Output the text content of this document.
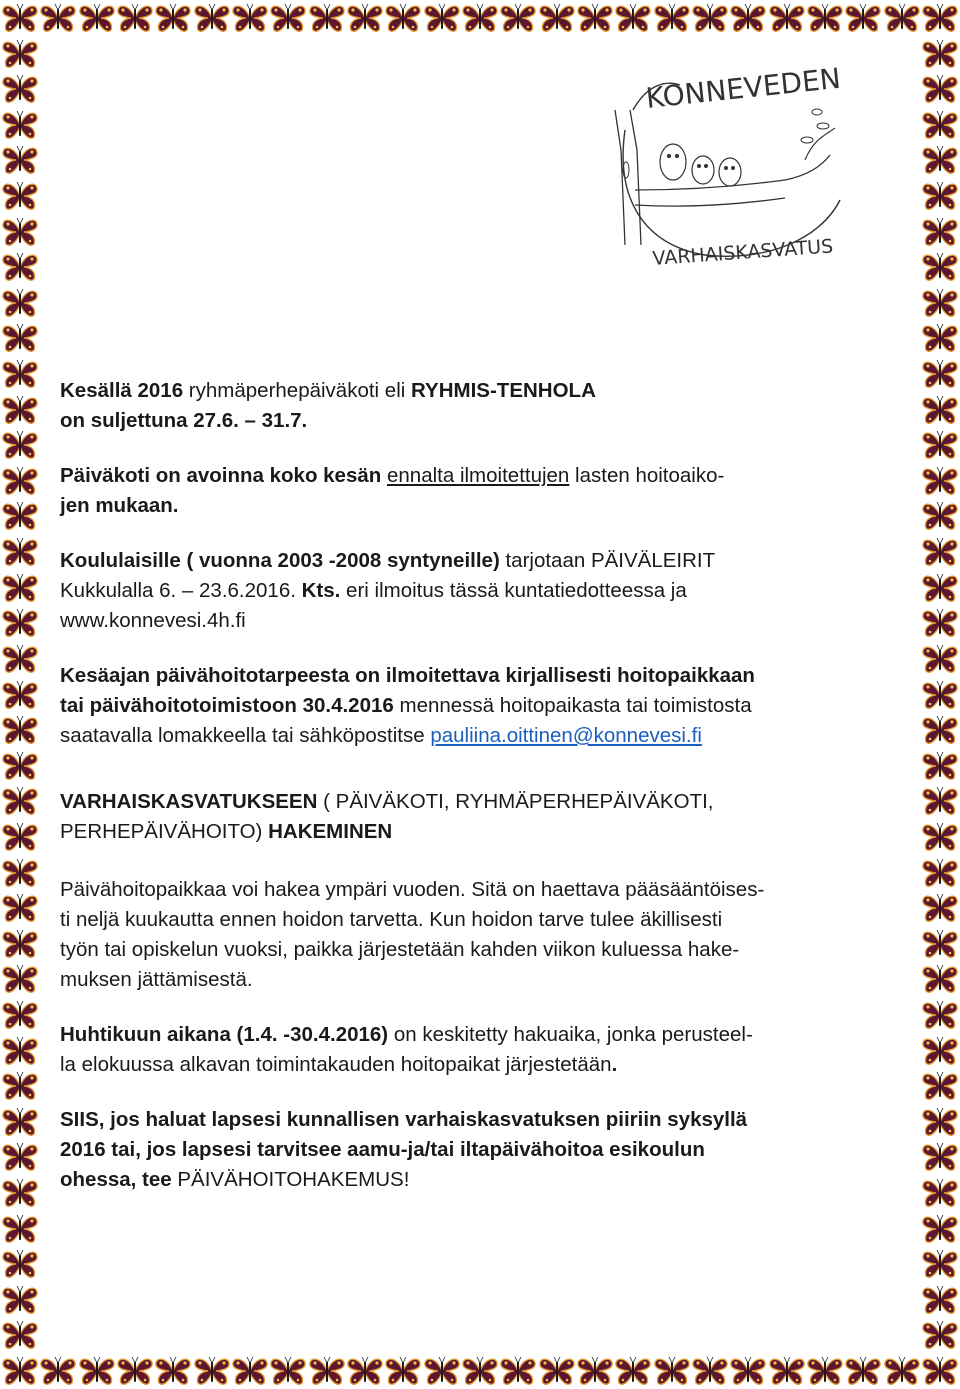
KONNEVEDEN
VARHAISKASVATUS

Kesällä 2016 ryhmäperhepäiväkoti eli RYHMIS-TENHOLA
on suljettuna 27.6. – 31.7.

Päiväkoti on avoinna koko kesän ennalta ilmoitettujen lasten hoitoaiko-
jen mukaan.

Koululaisille ( vuonna 2003 -2008 syntyneille) tarjotaan PÄIVÄLEIRIT
Kukkulalla 6. – 23.6.2016. Kts. eri ilmoitus tässä kuntatiedotteessa ja
www.konnevesi.4h.fi

Kesäajan päivähoitotarpeesta on ilmoitettava kirjallisesti hoitopaikkaan
tai päivähoitotoimistoon 30.4.2016 mennessä hoitopaikasta tai toimistosta
saatavalla lomakkeella tai sähköpostitse pauliina.oittinen@konnevesi.fi

VARHAISKASVATUKSEEN ( PÄIVÄKOTI, RYHMÄPERHEPÄIVÄKOTI,
PERHEPÄIVÄHOITO) HAKEMINEN

Päivähoitopaikkaa voi hakea ympäri vuoden. Sitä on haettava pääsääntöises-
ti neljä kuukautta ennen hoidon tarvetta. Kun hoidon tarve tulee äkillisesti
työn tai opiskelun vuoksi, paikka järjestetään kahden viikon kuluessa hake-
muksen jättämisestä.

Huhtikuun aikana (1.4. -30.4.2016) on keskitetty hakuaika, jonka perusteel-
la elokuussa alkavan toimintakauden hoitopaikat järjestetään.

SIIS, jos haluat lapsesi kunnallisen varhaiskasvatuksen piiriin syksyllä
2016 tai, jos lapsesi tarvitsee aamu-ja/tai iltapäivähoitoa esikoulun
ohessa, tee PÄIVÄHOITOHAKEMUS!
